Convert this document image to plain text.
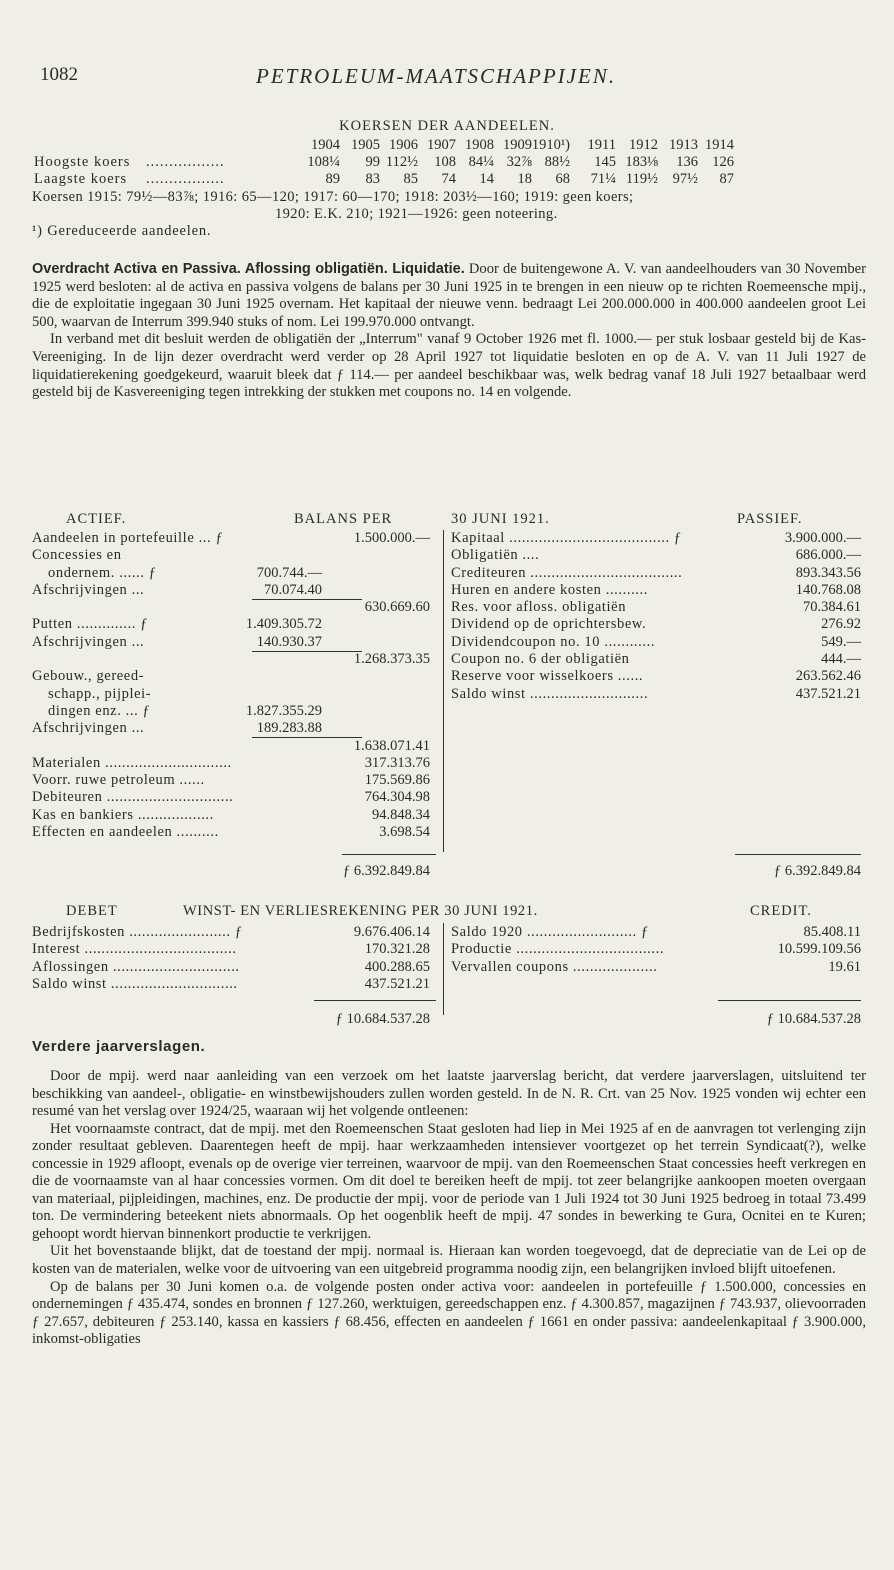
1082	PETROLEUM-MAATSCHAPPIJEN.
KOERSEN DER AANDEELEN.
1904 1905 1906 1907 1908 1909 1910¹)	1911 1912 1913 1914
Hoogste koers .................	108¼	99 112½	108 84¼ 32⅞ 88½	145 183⅛	136 126
Laagste koers .................	89	83	85	74	14	18	68	71¼ 119½	97½	87
Koersen 1915: 79½—83⅞; 1916: 65—120; 1917: 60—170; 1918: 203½—160; 1919: geen koers;
1920: E.K. 210; 1921—1926: geen noteering.
¹) Gereduceerde aandeelen.

Overdracht Activa en Passiva. Aflossing obligatiën. Liquidatie. Door de buitengewone A. V. van aandeelhouders van 30 November 1925 werd besloten: al de activa en passiva volgens de balans per 30 Juni 1925 in te brengen in een nieuw op te richten Roemeensche mpij., die de exploitatie ingegaan 30 Juni 1925 overnam. Het kapitaal der nieuwe venn. bedraagt Lei 200.000.000 in 400.000 aandeelen groot Lei 500, waarvan de Interrum 399.940 stuks of nom. Lei 199.970.000 ontvangt.

In verband met dit besluit werden de obligatiën der „Interrum" vanaf 9 October 1926 met fl. 1000.— per stuk losbaar gesteld bij de Kas-Vereeniging. In de lijn dezer overdracht werd verder op 28 April 1927 tot liquidatie besloten en op de A. V. van 11 Juli 1927 de liquidatierekening goedgekeurd, waaruit bleek dat ƒ 114.— per aandeel beschikbaar was, welk bedrag vanaf 18 Juli 1927 betaalbaar werd gesteld bij de Kasvereeniging tegen intrekking der stukken met coupons no. 14 en volgende.

ACTIEF.	BALANS PER	30 JUNI 1921.	PASSIEF.
Aandeelen in portefeuille ... ƒ	1.500.000.—
Concessies en
ondernem. ...... ƒ	700.744.—
Afschrijvingen ...	70.074.40
630.669.60
Putten .............. ƒ	1.409.305.72
Afschrijvingen ...	140.930.37
1.268.373.35
Gebouw., gereed-
schapp., pijplei-
dingen enz. ... ƒ	1.827.355.29
Afschrijvingen ...	189.283.88
1.638.071.41
Materialen ..............................	317.313.76
Voorr. ruwe petroleum ......	175.569.86
Debiteuren ..............................	764.304.98
Kas en bankiers ..................	94.848.34
Effecten en aandeelen ..........	3.698.54
Kapitaal ...................................... ƒ	3.900.000.—
Obligatiën ....	686.000.—
Crediteuren ....................................	893.343.56
Huren en andere kosten ..........	140.768.08
Res. voor afloss. obligatiën	70.384.61
Dividend op de oprichtersbew.	276.92
Dividendcoupon no. 10 ............	549.—
Coupon no. 6 der obligatiën	444.—
Reserve voor wisselkoers ......	263.562.46
Saldo winst ............................	437.521.21
ƒ 6.392.849.84	ƒ 6.392.849.84
DEBET	WINST- EN VERLIESREKENING PER 30 JUNI 1921.	CREDIT.
Bedrijfskosten ........................ ƒ	9.676.406.14
Interest ....................................	170.321.28
Aflossingen ..............................	400.288.65
Saldo winst ..............................	437.521.21
Saldo 1920 .......................... ƒ	85.408.11
Productie ...................................	10.599.109.56
Vervallen coupons ....................	19.61
ƒ 10.684.537.28	ƒ 10.684.537.28
Verdere jaarverslagen.

Door de mpij. werd naar aanleiding van een verzoek om het laatste jaarverslag bericht, dat verdere jaarverslagen, uitsluitend ter beschikking van aandeel-, obligatie- en winstbewijshouders zullen worden gesteld. In de N. R. Crt. van 25 Nov. 1925 vonden wij echter een resumé van het verslag over 1924/25, waaraan wij het volgende ontleenen:

Het voornaamste contract, dat de mpij. met den Roemeenschen Staat gesloten had liep in Mei 1925 af en de aanvragen tot verlenging zijn zonder resultaat gebleven. Daarentegen heeft de mpij. haar werkzaamheden intensiever voortgezet op het terrein Syndicaat(?), welke concessie in 1929 afloopt, evenals op de overige vier terreinen, waarvoor de mpij. van den Roemeenschen Staat concessies heeft verkregen en die de voornaamste van al haar concessies vormen. Om dit doel te bereiken heeft de mpij. tot zeer belangrijke aankoopen moeten overgaan van materiaal, pijpleidingen, machines, enz. De productie der mpij. voor de periode van 1 Juli 1924 tot 30 Juni 1925 bedroeg in totaal 73.499 ton. De vermindering beteekent niets abnormaals. Op het oogenblik heeft de mpij. 47 sondes in bewerking te Gura, Ocnitei en te Kuren; gehoopt wordt hiervan binnenkort productie te verkrijgen.

Uit het bovenstaande blijkt, dat de toestand der mpij. normaal is. Hieraan kan worden toegevoegd, dat de depreciatie van de Lei op de kosten van de materialen, welke voor de uitvoering van een uitgebreid programma noodig zijn, een belangrijken invloed blijft uitoefenen.

Op de balans per 30 Juni komen o.a. de volgende posten onder activa voor: aandeelen in portefeuille ƒ 1.500.000, concessies en ondernemingen ƒ 435.474, sondes en bronnen ƒ 127.260, werktuigen, gereedschappen enz. ƒ 4.300.857, magazijnen ƒ 743.937, olievoorraden ƒ 27.657, debiteuren ƒ 253.140, kassa en kassiers ƒ 68.456, effecten en aandeelen ƒ 1661 en onder passiva: aandeelenkapitaal ƒ 3.900.000, inkomst-obligaties
